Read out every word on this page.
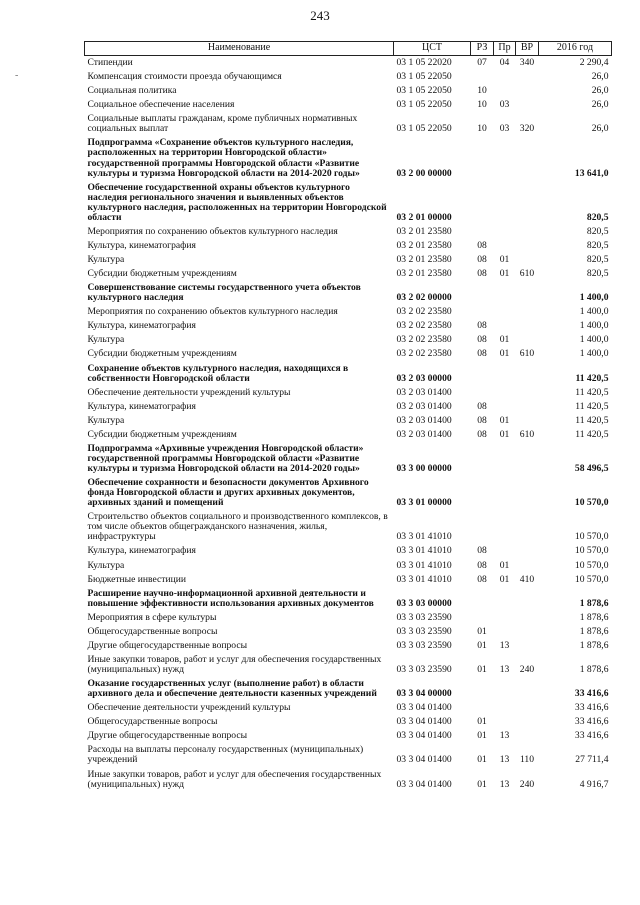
243
-
Наименование	ЦСТ	РЗ	Пр	ВР	2016 год
Стипендии	03 1 05 22020	07	04	340	2 290,4
Компенсация стоимости проезда обучающимся	03 1 05 22050				26,0
Социальная политика	03 1 05 22050	10			26,0
Социальное обеспечение населения	03 1 05 22050	10	03		26,0
Социальные выплаты гражданам, кроме публичных нормативных социальных выплат	03 1 05 22050	10	03	320	26,0
Подпрограмма «Сохранение объектов культурного наследия, расположенных на территории Новгородской области» государственной программы Новгородской области «Развитие культуры и туризма Новгородской области на 2014-2020 годы»	03 2 00 00000				13 641,0
Обеспечение государственной охраны объектов культурного наследия регионального значения и выявленных объектов культурного наследия, расположенных на территории Новгородской области	03 2 01 00000				820,5
Мероприятия по сохранению объектов культурного наследия	03 2 01 23580				820,5
Культура, кинематография	03 2 01 23580	08			820,5
Культура	03 2 01 23580	08	01		820,5
Субсидии бюджетным учреждениям	03 2 01 23580	08	01	610	820,5
Совершенствование системы государственного учета объектов культурного наследия	03 2 02 00000				1 400,0
Мероприятия по сохранению объектов культурного наследия	03 2 02 23580				1 400,0
Культура, кинематография	03 2 02 23580	08			1 400,0
Культура	03 2 02 23580	08	01		1 400,0
Субсидии бюджетным учреждениям	03 2 02 23580	08	01	610	1 400,0
Сохранение объектов культурного наследия, находящихся в собственности Новгородской области	03 2 03 00000				11 420,5
Обеспечение деятельности учреждений культуры	03 2 03 01400				11 420,5
Культура, кинематография	03 2 03 01400	08			11 420,5
Культура	03 2 03 01400	08	01		11 420,5
Субсидии бюджетным учреждениям	03 2 03 01400	08	01	610	11 420,5
Подпрограмма «Архивные учреждения Новгородской области» государственной программы Новгородской области «Развитие культуры и туризма Новгородской области на 2014-2020 годы»	03 3 00 00000				58 496,5
Обеспечение сохранности и безопасности документов Архивного фонда Новгородской области и других архивных документов, архивных зданий и помещений	03 3 01 00000				10 570,0
Строительство объектов социального и производственного комплексов, в том числе объектов общегражданского назначения, жилья, инфраструктуры	03 3 01 41010				10 570,0
Культура, кинематография	03 3 01 41010	08			10 570,0
Культура	03 3 01 41010	08	01		10 570,0
Бюджетные инвестиции	03 3 01 41010	08	01	410	10 570,0
Расширение научно-информационной архивной деятельности и повышение эффективности использования архивных документов	03 3 03 00000				1 878,6
Мероприятия в сфере культуры	03 3 03 23590				1 878,6
Общегосударственные вопросы	03 3 03 23590	01			1 878,6
Другие общегосударственные вопросы	03 3 03 23590	01	13		1 878,6
Иные закупки товаров, работ и услуг для обеспечения государственных (муниципальных) нужд	03 3 03 23590	01	13	240	1 878,6
Оказание государственных услуг (выполнение работ) в области архивного дела и обеспечение деятельности казенных учреждений	03 3 04 00000				33 416,6
Обеспечение деятельности учреждений культуры	03 3 04 01400				33 416,6
Общегосударственные вопросы	03 3 04 01400	01			33 416,6
Другие общегосударственные вопросы	03 3 04 01400	01	13		33 416,6
Расходы на выплаты персоналу государственных (муниципальных) учреждений	03 3 04 01400	01	13	110	27 711,4
Иные закупки товаров, работ и услуг для обеспечения государственных (муниципальных) нужд	03 3 04 01400	01	13	240	4 916,7
